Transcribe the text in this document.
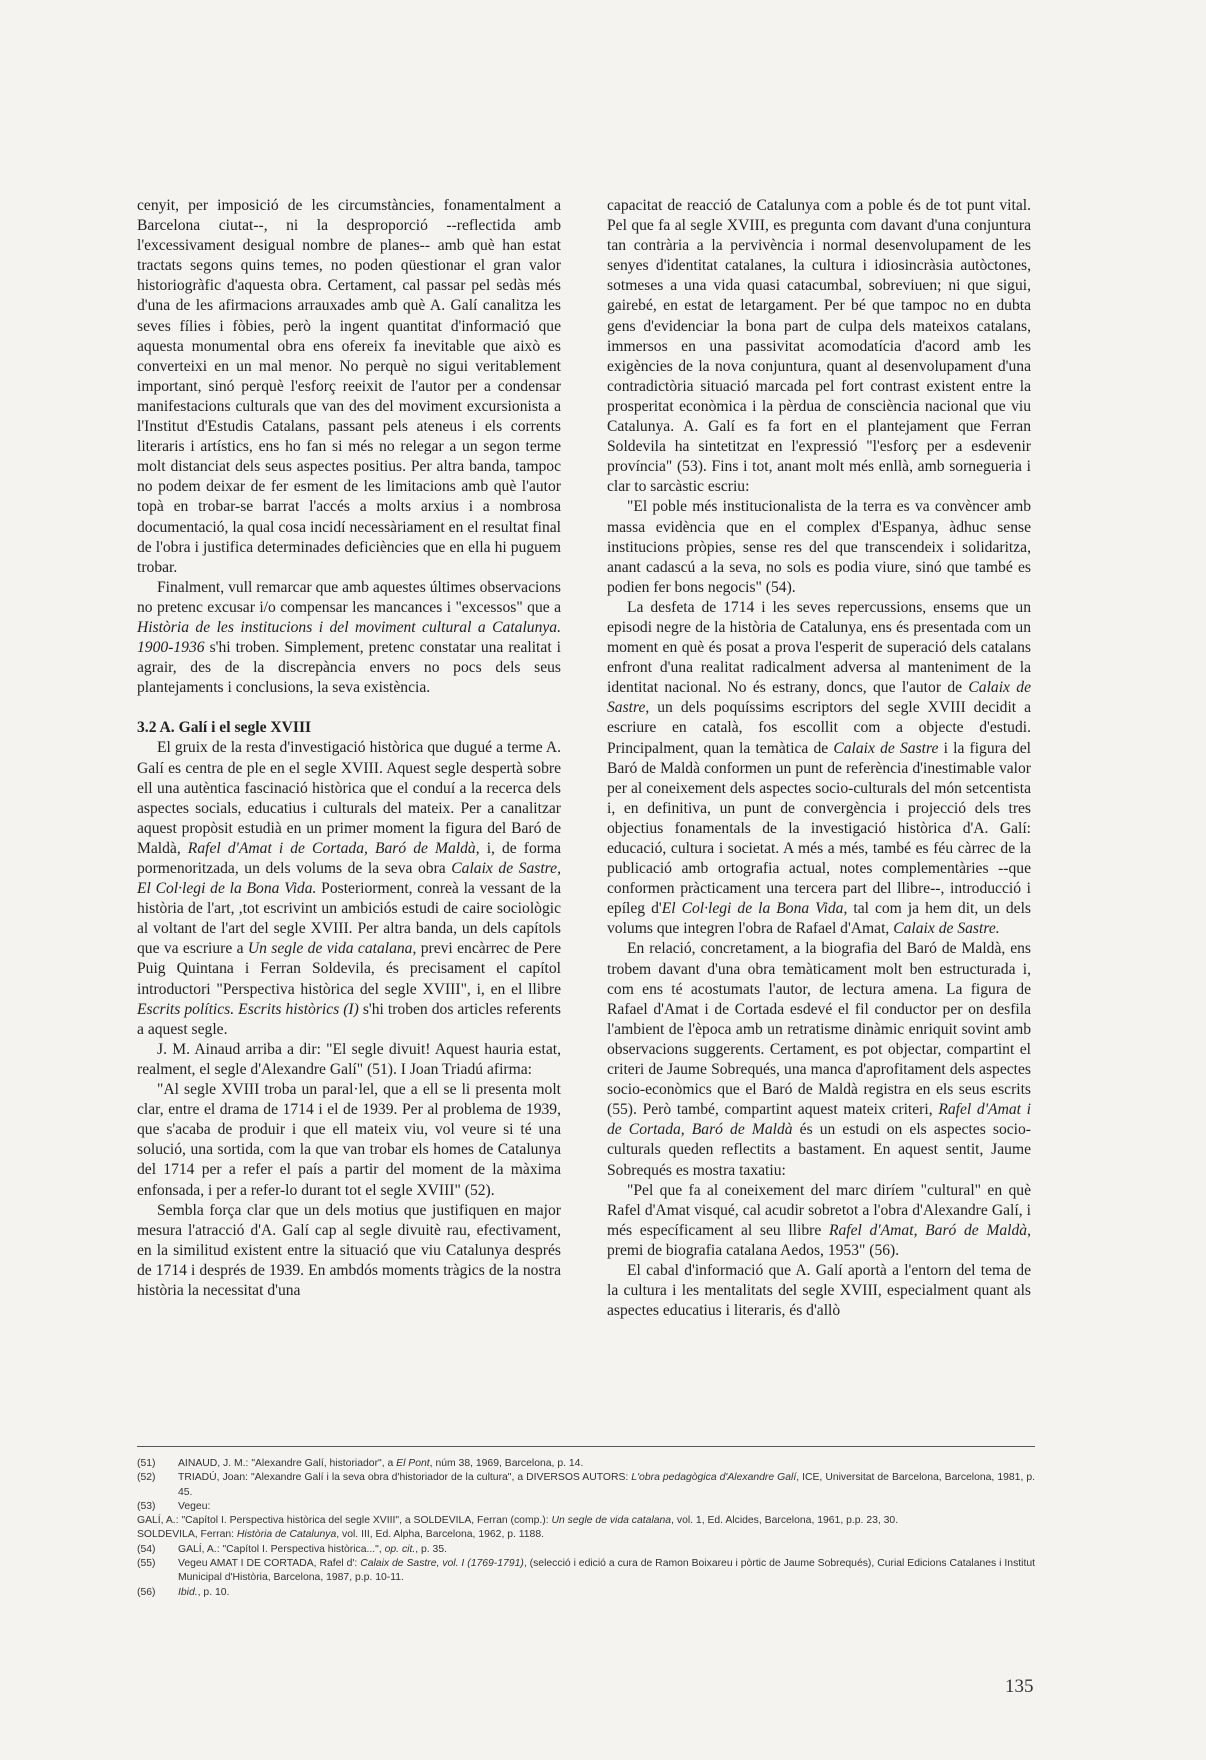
cenyit, per imposició de les circumstàncies, fonamentalment a Barcelona ciutat--, ni la desproporció --reflectida amb l'excessivament desigual nombre de planes-- amb què han estat tractats segons quins temes, no poden qüestionar el gran valor historiogràfic d'aquesta obra. Certament, cal passar pel sedàs més d'una de les afirmacions arrauxades amb què A. Galí canalitza les seves fílies i fòbies, però la ingent quantitat d'informació que aquesta monumental obra ens ofereix fa inevitable que això es converteixi en un mal menor. No perquè no sigui veritablement important, sinó perquè l'esforç reeixit de l'autor per a condensar manifestacions culturals que van des del moviment excursionista a l'Institut d'Estudis Catalans, passant pels ateneus i els corrents literaris i artístics, ens ho fan si més no relegar a un segon terme molt distanciat dels seus aspectes positius. Per altra banda, tampoc no podem deixar de fer esment de les limitacions amb què l'autor topà en trobar-se barrat l'accés a molts arxius i a nombrosa documentació, la qual cosa incidí necessàriament en el resultat final de l'obra i justifica determinades deficiències que en ella hi puguem trobar.

Finalment, vull remarcar que amb aquestes últimes observacions no pretenc excusar i/o compensar les mancances i "excessos" que a Història de les institucions i del moviment cultural a Catalunya. 1900-1936 s'hi troben. Simplement, pretenc constatar una realitat i agrair, des de la discrepància envers no pocs dels seus plantejaments i conclusions, la seva existència.

3.2 A. Galí i el segle XVIII

El gruix de la resta d'investigació històrica que dugué a terme A. Galí es centra de ple en el segle XVIII. Aquest segle despertà sobre ell una autèntica fascinació històrica que el conduí a la recerca dels aspectes socials, educatius i culturals del mateix. Per a canalitzar aquest propòsit estudià en un primer moment la figura del Baró de Maldà, Rafel d'Amat i de Cortada, Baró de Maldà, i, de forma pormenoritzada, un dels volums de la seva obra Calaix de Sastre, El Col·legi de la Bona Vida. Posteriorment, conreà la vessant de la història de l'art, ,tot escrivint un ambiciós estudi de caire sociològic al voltant de l'art del segle XVIII. Per altra banda, un dels capítols que va escriure a Un segle de vida catalana, previ encàrrec de Pere Puig Quintana i Ferran Soldevila, és precisament el capítol introductori "Perspectiva històrica del segle XVIII", i, en el llibre Escrits polítics. Escrits històrics (I) s'hi troben dos articles referents a aquest segle.

J. M. Ainaud arriba a dir: "El segle divuit! Aquest hauria estat, realment, el segle d'Alexandre Galí" (51). I Joan Triadú afirma:

"Al segle XVIII troba un paral·lel, que a ell se li presenta molt clar, entre el drama de 1714 i el de 1939. Per al problema de 1939, que s'acaba de produir i que ell mateix viu, vol veure si té una solució, una sortida, com la que van trobar els homes de Catalunya del 1714 per a refer el país a partir del moment de la màxima enfonsada, i per a refer-lo durant tot el segle XVIII" (52).

Sembla força clar que un dels motius que justifiquen en major mesura l'atracció d'A. Galí cap al segle divuitè rau, efectivament, en la similitud existent entre la situació que viu Catalunya després de 1714 i després de 1939. En ambdós moments tràgics de la nostra història la necessitat d'una

capacitat de reacció de Catalunya com a poble és de tot punt vital. Pel que fa al segle XVIII, es pregunta com davant d'una conjuntura tan contrària a la pervivència i normal desenvolupament de les senyes d'identitat catalanes, la cultura i idiosincràsia autòctones, sotmeses a una vida quasi catacumbal, sobreviuen; ni que sigui, gairebé, en estat de letargament. Per bé que tampoc no en dubta gens d'evidenciar la bona part de culpa dels mateixos catalans, immersos en una passivitat acomodatícia d'acord amb les exigències de la nova conjuntura, quant al desenvolupament d'una contradictòria situació marcada pel fort contrast existent entre la prosperitat econòmica i la pèrdua de consciència nacional que viu Catalunya. A. Galí es fa fort en el plantejament que Ferran Soldevila ha sintetitzat en l'expressió "l'esforç per a esdevenir província" (53). Fins i tot, anant molt més enllà, amb sornegueria i clar to sarcàstic escriu:

"El poble més institucionalista de la terra es va convèncer amb massa evidència que en el complex d'Espanya, àdhuc sense institucions pròpies, sense res del que transcendeix i solidaritza, anant cadascú a la seva, no sols es podia viure, sinó que també es podien fer bons negocis" (54).

La desfeta de 1714 i les seves repercussions, ensems que un episodi negre de la història de Catalunya, ens és presentada com un moment en què és posat a prova l'esperit de superació dels catalans enfront d'una realitat radicalment adversa al manteniment de la identitat nacional. No és estrany, doncs, que l'autor de Calaix de Sastre, un dels poquíssims escriptors del segle XVIII decidit a escriure en català, fos escollit com a objecte d'estudi. Principalment, quan la temàtica de Calaix de Sastre i la figura del Baró de Maldà conformen un punt de referència d'inestimable valor per al coneixement dels aspectes socio-culturals del món setcentista i, en definitiva, un punt de convergència i projecció dels tres objectius fonamentals de la investigació històrica d'A. Galí: educació, cultura i societat. A més a més, també es féu càrrec de la publicació amb ortografia actual, notes complementàries --que conformen pràcticament una tercera part del llibre--, introducció i epíleg d'El Col·legi de la Bona Vida, tal com ja hem dit, un dels volums que integren l'obra de Rafael d'Amat, Calaix de Sastre.

En relació, concretament, a la biografia del Baró de Maldà, ens trobem davant d'una obra temàticament molt ben estructurada i, com ens té acostumats l'autor, de lectura amena. La figura de Rafael d'Amat i de Cortada esdevé el fil conductor per on desfila l'ambient de l'època amb un retratisme dinàmic enriquit sovint amb observacions suggerents. Certament, es pot objectar, compartint el criteri de Jaume Sobrequés, una manca d'aprofitament dels aspectes socio-econòmics que el Baró de Maldà registra en els seus escrits (55). Però també, compartint aquest mateix criteri, Rafel d'Amat i de Cortada, Baró de Maldà és un estudi on els aspectes socio-culturals queden reflectits a bastament. En aquest sentit, Jaume Sobrequés es mostra taxatiu:

"Pel que fa al coneixement del marc diríem "cultural" en què Rafel d'Amat visqué, cal acudir sobretot a l'obra d'Alexandre Galí, i més específicament al seu llibre Rafel d'Amat, Baró de Maldà, premi de biografia catalana Aedos, 1953" (56).

El cabal d'informació que A. Galí aportà a l'entorn del tema de la cultura i les mentalitats del segle XVIII, especialment quant als aspectes educatius i literaris, és d'allò

(51)	AINAUD, J. M.: "Alexandre Galí, historiador", a El Pont, núm 38, 1969, Barcelona, p. 14.
(52)	TRIADÚ, Joan: "Alexandre Galí i la seva obra d'historiador de la cultura", a DIVERSOS AUTORS: L'obra pedagògica d'Alexandre Galí, ICE, Universitat de Barcelona, Barcelona, 1981, p. 45.
(53)	Vegeu:
GALÍ, A.: "Capítol I. Perspectiva històrica del segle XVIII", a SOLDEVILA, Ferran (comp.): Un segle de vida catalana, vol. 1, Ed. Alcides, Barcelona, 1961, p.p. 23, 30.
SOLDEVILA, Ferran: Història de Catalunya, vol. III, Ed. Alpha, Barcelona, 1962, p. 1188.
(54)	GALÍ, A.: "Capítol I. Perspectiva històrica...", op. cit., p. 35.
(55)	Vegeu AMAT I DE CORTADA, Rafel d': Calaix de Sastre, vol. I (1769-1791), (selecció i edició a cura de Ramon Boixareu i pòrtic de Jaume Sobrequés), Curial Edicions Catalanes i Institut Municipal d'Història, Barcelona, 1987, p.p. 10-11.
(56)	Ibid., p. 10.
135
